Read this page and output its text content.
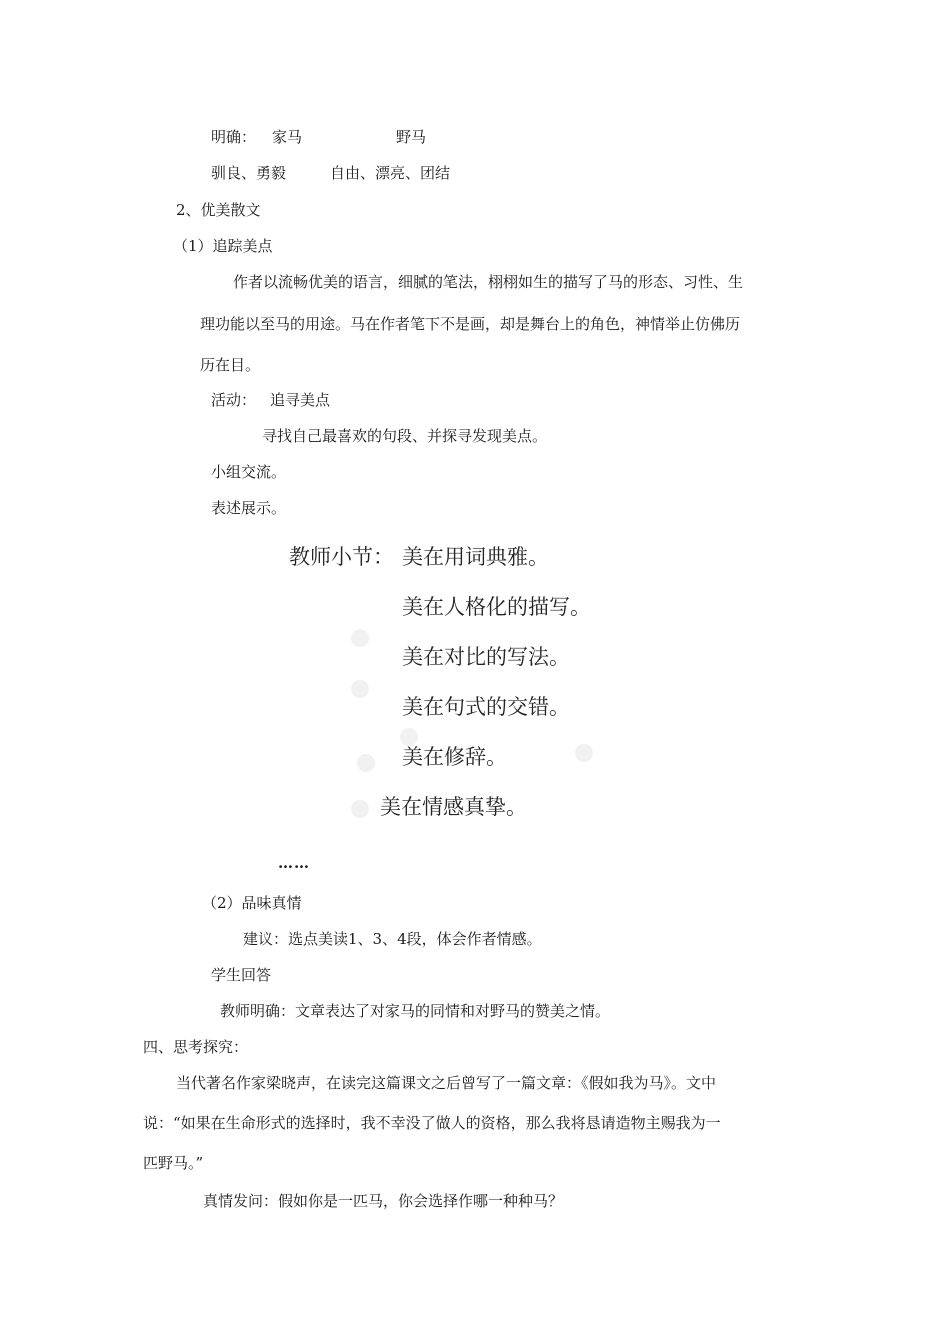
明确： 家马	野马
驯良、勇毅	自由、漂亮、团结
2、优美散文
（1）追踪美点
作者以流畅优美的语言，细腻的笔法，栩栩如生的描写了马的形态、习性、生
理功能以至马的用途。马在作者笔下不是画，却是舞台上的角色，神情举止仿佛历
历在目。
活动： 追寻美点
寻找自己最喜欢的句段、并探寻发现美点。
小组交流。
表述展示。
教师小节： 美在用词典雅。
美在人格化的描写。
美在对比的写法。
美在句式的交错。
美在修辞。
美在情感真挚。
……
（2）品味真情
建议：选点美读1、3、4段，体会作者情感。
学生回答
教师明确：文章表达了对家马的同情和对野马的赞美之情。
四、思考探究：
当代著名作家梁晓声，在读完这篇课文之后曾写了一篇文章：《假如我为马》。文中
说：“如果在生命形式的选择时，我不幸没了做人的资格，那么我将恳请造物主赐我为一
匹野马。”
真情发问：假如你是一匹马，你会选择作哪一种种马？
